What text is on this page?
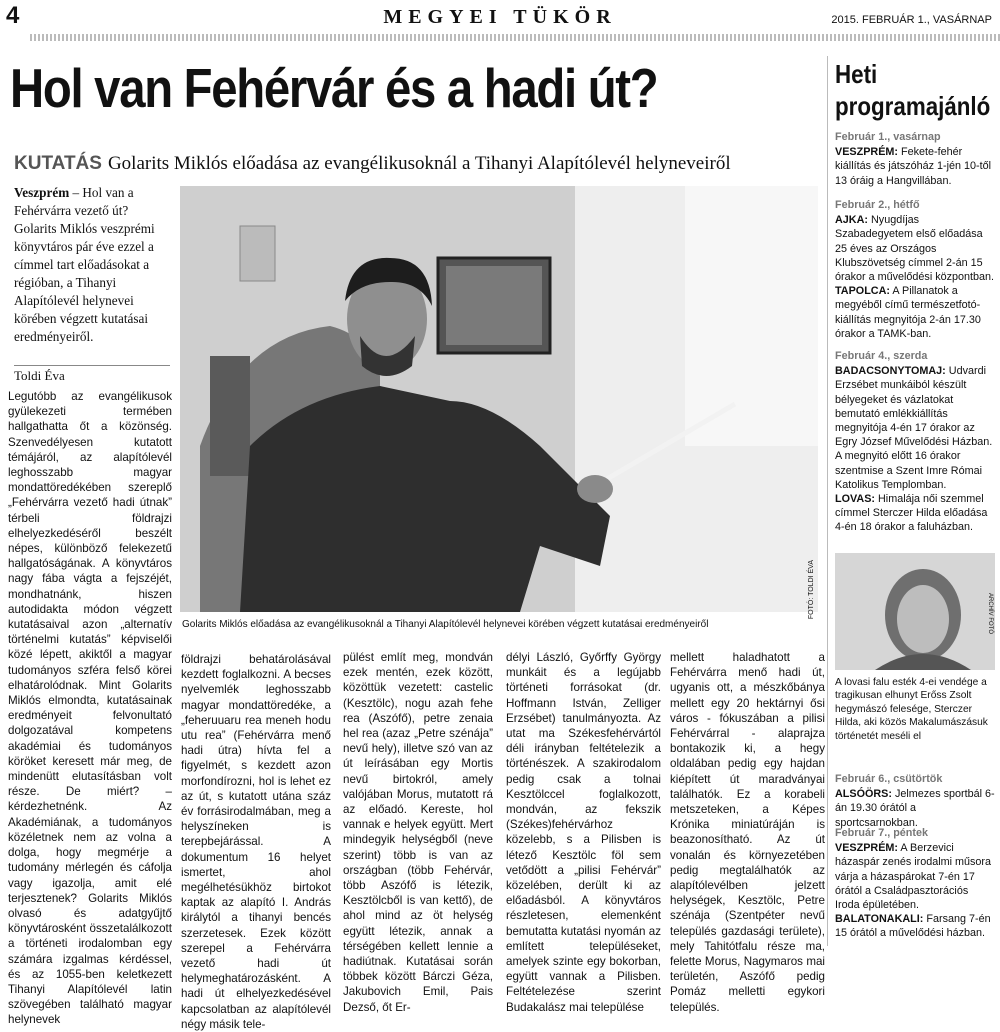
4	MEGYEI TÜKÖR	2015. FEBRUÁR 1., VASÁRNAP
Hol van Fehérvár és a hadi út?
KUTATÁS Golarits Miklós előadása az evangélikusoknál a Tihanyi Alapítólevél helyneveiről
Veszprém – Hol van a Fehérvárra vezető út? Golarits Miklós veszprémi könyvtáros pár éve ezzel a címmel tart előadásokat a régióban, a Tihanyi Alapítólevél helynevei körében végzett kutatásai eredményeiről.
Toldi Éva
Golarits Miklós előadása az evangélikusoknál a Tihanyi Alapítólevél helynevei körében végzett kutatásai eredményeiről
FOTÓ: TOLDI ÉVA

Legutóbb az evangélikusok gyülekezeti termében hallgathatta őt a közönség. Szenvedélyesen kutatott témájáról, az alapítólevél leghosszabb magyar mondattöredékében szereplő „Fehérvárra vezető hadi útnak” térbeli földrajzi elhelyezkedéséről beszélt népes, különböző felekezetű hallgatóságának. A könyvtáros nagy fába vágta a fejszéjét, mondhatnánk, hiszen autodidakta módon végzett kutatásaival azon „alternatív történelmi kutatás” képviselői közé lépett, akiktől a magyar tudományos szféra felső körei elhatárolódnak. Mint Golarits Miklós elmondta, kutatásainak eredményeit felvonultató dolgozatával kompetens akadémiai és tudományos köröket keresett már meg, de mindenütt elutasításban volt része. De miért? – kérdezhetnénk. Az Akadémiának, a tudományos közéletnek nem az volna a dolga, hogy megmérje a tudomány mérlegén és cáfolja vagy igazolja, amit elé terjesztenek? Golarits Miklós olvasó és adatgyűjtő könyvtárosként összetalálkozott a történeti irodalomban egy számára izgalmas kérdéssel, és az 1055-ben keletkezett Tihanyi Alapítólevél latin szövegében található magyar helynevek

földrajzi behatárolásával kezdett foglalkozni. A becses nyelvemlék leghosszabb magyar mondattöredéke, a „feheruuaru rea meneh hodu utu rea” (Fehérvárra menő hadi útra) hívta fel a figyelmét, s kezdett azon morfondírozni, hol is lehet ez az út, s kutatott utána száz év forrásirodalmában, meg a helyszíneken is terepbejárással. A dokumentum 16 helyet ismertet, ahol megélhetésükhöz birtokot kaptak az alapító I. András királytól a tihanyi bencés szerzetesek. Ezek között szerepel a Fehérvárra vezető hadi út helymeghatározásként. A hadi út elhelyezkedésével kapcsolatban az alapítólevél négy másik tele-

pülést említ meg, mondván ezek mentén, ezek között, közöttük vezetett: castelic (Kesztölc), nogu azah fehe rea (Aszófő), petre zenaia hel rea (azaz „Petre szénája” nevű hely), illetve szó van az út leírásában egy Mortis nevű birtokról, amely valójában Morus, mutatott rá az előadó. Kereste, hol vannak e helyek együtt. Mert mindegyik helységből (neve szerint) több is van az országban (több Fehérvár, több Aszófő is létezik, Kesztölcből is van kettő), de ahol mind az öt helység együtt létezik, annak a térségében kellett lennie a hadiútnak. Kutatásai során többek között Bárczi Géza, Jakubovich Emil, Pais Dezső, őt Er-

délyi László, Győrffy György munkáit és a legújabb történeti forrásokat (dr. Hoffmann István, Zelliger Erzsébet) tanulmányozta. Az utat ma Székesfehérvártól déli irányban feltételezik a történészek. A szakirodalom pedig csak a tolnai Kesztölccel foglalkozott, mondván, az fekszik (Székes)fehérvárhoz közelebb, s a Pilisben is létező Kesztölc föl sem vetődött a „pilisi Fehérvár” közelében, derült ki az előadásból. A könyvtáros részletesen, elemenként bemutatta kutatási nyomán az említett településeket, amelyek szinte egy bokorban, együtt vannak a Pilisben. Feltételezése szerint Budakalász mai települése

mellett haladhatott a Fehérvárra menő hadi út, ugyanis ott, a mészkőbánya mellett egy 20 hektárnyi ősi város - fókuszában a pilisi Fehérvárral - alaprajza bontakozik ki, a hegy oldalában pedig egy hajdan kiépített út maradványai találhatók. Ez a korabeli metszeteken, a Képes Krónika miniatúráján is beazonosítható. Az út vonalán és környezetében pedig megtalálhatók az alapítólevélben jelzett helységek, Kesztölc, Petre szénája (Szentpéter nevű település gazdasági területe), mely Tahitótfalu része ma, felette Morus, Nagymaros mai területén, Aszófő pedig Pomáz melletti egykori település.

Heti programajánló

Február 1., vasárnap

VESZPRÉM: Fekete-fehér kiállítás és játszóház 1-jén 10-től 13 óráig a Hangvillában.

Február 2., hétfő

AJKA: Nyugdíjas Szabadegyetem első előadása 25 éves az Országos Klubszövetség címmel 2-án 15 órakor a művelődési központban.

TAPOLCA: A Pillanatok a megyéből című természetfotó-kiállítás megnyitója 2-án 17.30 órakor a TAMK-ban.

Február 4., szerda

BADACSONYTOMAJ: Udvardi Erzsébet munkáiból készült bélyegeket és vázlatokat bemutató emlékkiállítás megnyitója 4-én 17 órakor az Egry József Művelődési Házban. A megnyitó előtt 16 órakor szentmise a Szent Imre Római Katolikus Templomban.

LOVAS: Himalája női szemmel címmel Sterczer Hilda előadása 4-én 18 órakor a faluházban.

ARCHÍV FOTÓ
A lovasi falu esték 4-ei vendége a tragikusan elhunyt Erőss Zsolt hegymászó felesége, Sterczer Hilda, aki közös Makalumászásuk történetét meséli el

Február 6., csütörtök

ALSÓÖRS: Jelmezes sportbál 6-án 19.30 órától a sportcsarnokban.

Február 7., péntek

VESZPRÉM: A Berzevici házaspár zenés irodalmi műsora várja a házaspárokat 7-én 17 órától a Családpasztorációs Iroda épületében.

BALATONAKALI: Farsang 7-én 15 órától a művelődési házban.
